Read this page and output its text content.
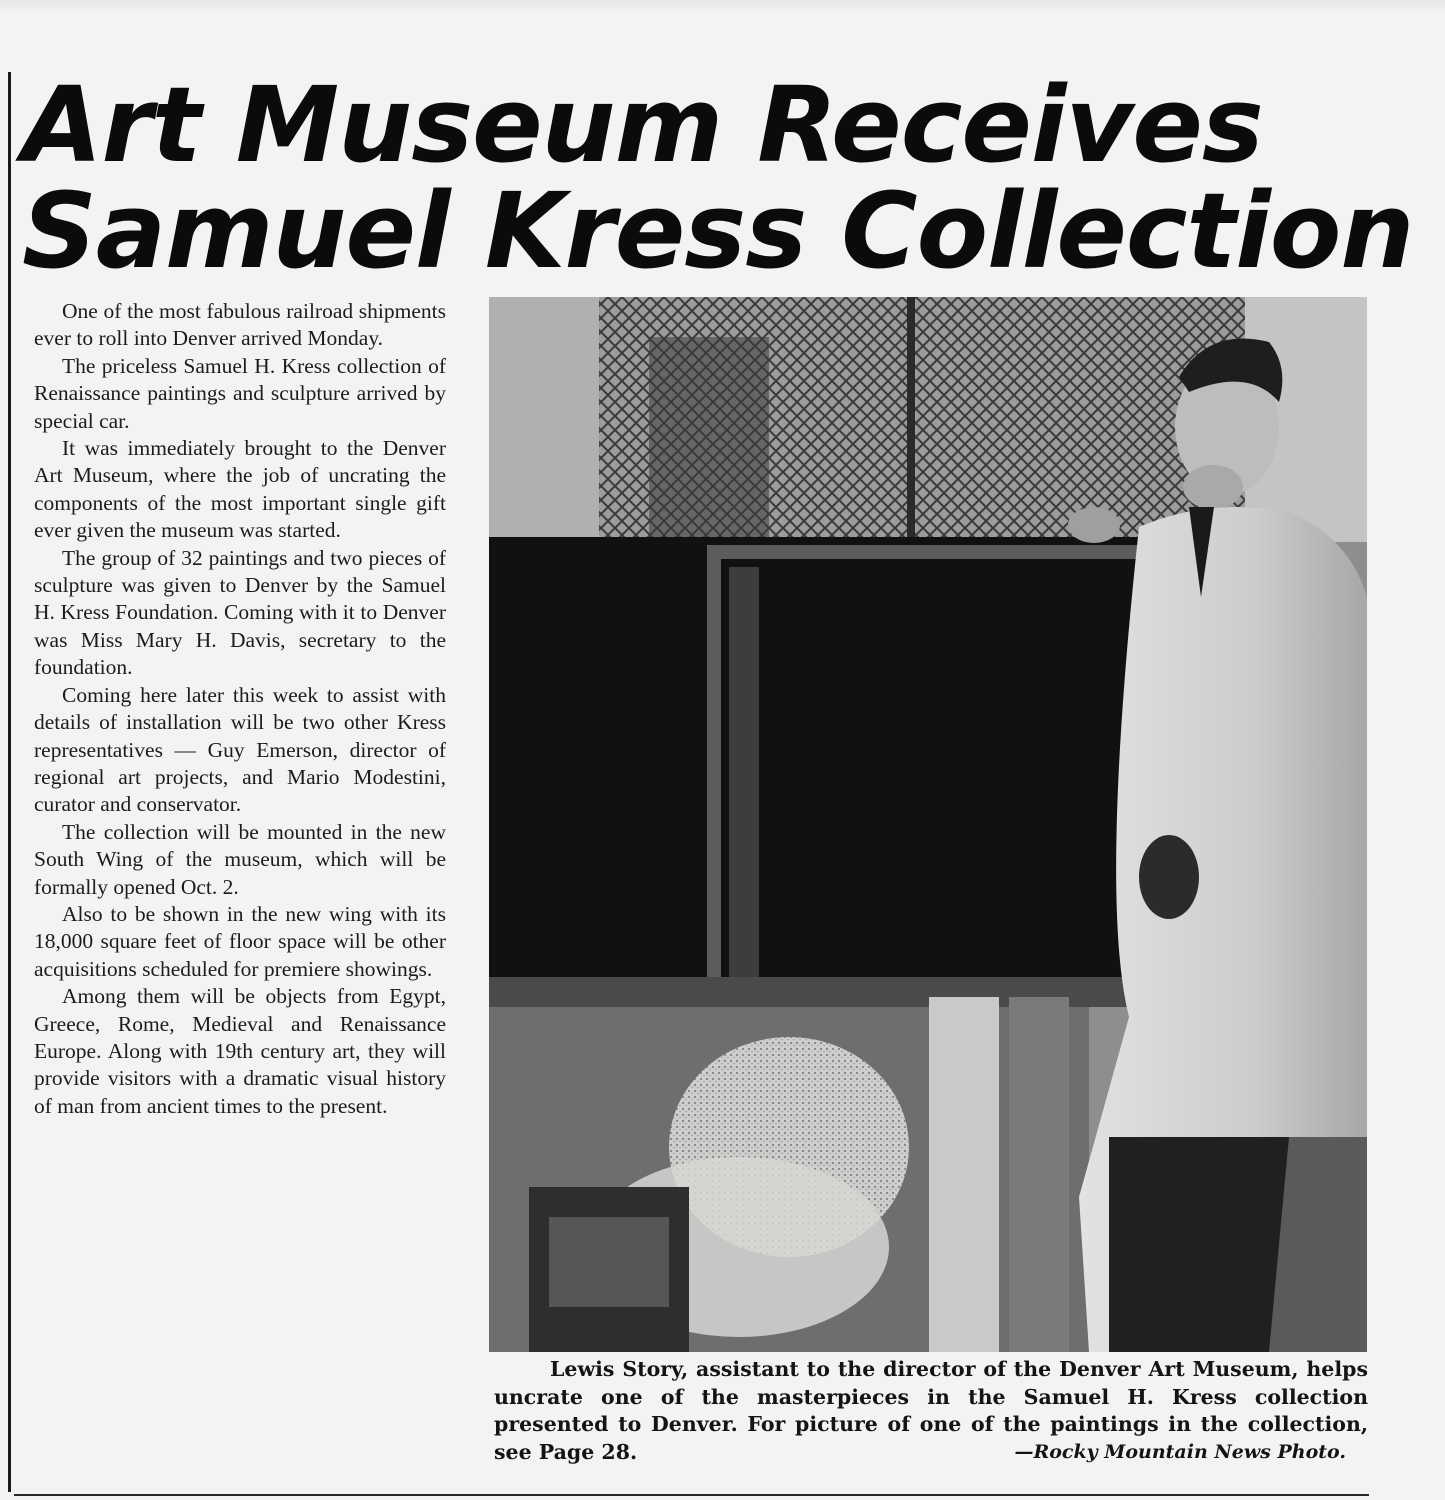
Art Museum Receives
Samuel Kress Collection

One of the most fabulous railroad shipments ever to roll into Denver arrived Monday.

The priceless Samuel H. Kress collection of Renaissance paintings and sculpture arrived by special car.

It was immediately brought to the Denver Art Museum, where the job of uncrating the components of the most important single gift ever given the museum was started.

The group of 32 paintings and two pieces of sculpture was given to Denver by the Samuel H. Kress Foundation. Coming with it to Denver was Miss Mary H. Davis, secretary to the foundation.

Coming here later this week to assist with details of installation will be two other Kress representatives — Guy Emerson, director of regional art projects, and Mario Modestini, curator and conservator.

The collection will be mounted in the new South Wing of the museum, which will be formally opened Oct. 2.

Also to be shown in the new wing with its 18,000 square feet of floor space will be other acquisitions scheduled for premiere showings.

Among them will be objects from Egypt, Greece, Rome, Medieval and Renaissance Europe. Along with 19th century art, they will provide visitors with a dramatic visual history of man from ancient times to the present.

Lewis Story, assistant to the director of the Denver Art Museum, helps uncrate one of the masterpieces in the Samuel H. Kress collection presented to Denver. For picture of one of the paintings in the collection, see Page 28.	—Rocky Mountain News Photo.
